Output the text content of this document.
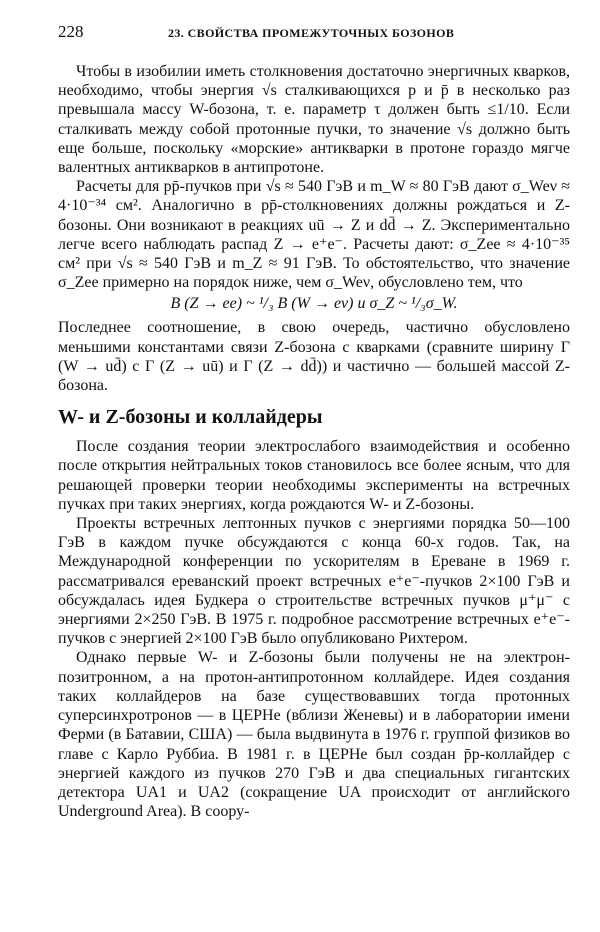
228	23. СВОЙСТВА ПРОМЕЖУТОЧНЫХ БОЗОНОВ

Чтобы в изобилии иметь столкновения достаточно энергичных кварков, необходимо, чтобы энергия √s сталкивающихся p и p̄ в несколько раз превышала массу W-бозона, т. е. параметр τ должен быть ≤1/10. Если сталкивать между собой протонные пучки, то значение √s должно быть еще больше, поскольку «морские» антикварки в протоне гораздо мягче валентных антикварков в антипротоне.

Расчеты для pp̄-пучков при √s ≈ 540 ГэВ и m_W ≈ 80 ГэВ дают σ_Weν ≈ 4·10⁻³⁴ см². Аналогично в pp̄-столкновениях должны рождаться и Z-бозоны. Они возникают в реакциях uū → Z и dd̄ → Z. Экспериментально легче всего наблюдать распад Z → e⁺e⁻. Расчеты дают: σ_Zee ≈ 4·10⁻³⁵ см² при √s ≈ 540 ГэВ и m_Z ≈ 91 ГэВ. То обстоятельство, что значение σ_Zee примерно на порядок ниже, чем σ_Weν, обусловлено тем, что

B (Z → ee) ~ ¹/₃ B (W → eν) и σ_Z ~ ¹/₃σ_W.

Последнее соотношение, в свою очередь, частично обусловлено меньшими константами связи Z-бозона с кварками (сравните ширину Γ (W → ud̄) с Γ (Z → uū) и Γ (Z → dd̄)) и частично — большей массой Z-бозона.

W- и Z-бозоны и коллайдеры

После создания теории электрослабого взаимодействия и особенно после открытия нейтральных токов становилось все более ясным, что для решающей проверки теории необходимы эксперименты на встречных пучках при таких энергиях, когда рождаются W- и Z-бозоны.

Проекты встречных лептонных пучков с энергиями порядка 50—100 ГэВ в каждом пучке обсуждаются с конца 60-х годов. Так, на Международной конференции по ускорителям в Ереване в 1969 г. рассматривался ереванский проект встречных e⁺e⁻-пучков 2×100 ГэВ и обсуждалась идея Будкера о строительстве встречных пучков μ⁺μ⁻ с энергиями 2×250 ГэВ. В 1975 г. подробное рассмотрение встречных e⁺e⁻-пучков с энергией 2×100 ГэВ было опубликовано Рихтером.

Однако первые W- и Z-бозоны были получены не на электрон-позитронном, а на протон-антипротонном коллайдере. Идея создания таких коллайдеров на базе существовавших тогда протонных суперсинхротронов — в ЦЕРНе (вблизи Женевы) и в лаборатории имени Ферми (в Батавии, США) — была выдвинута в 1976 г. группой физиков во главе с Карло Руббиа. В 1981 г. в ЦЕРНе был создан p̄p-коллайдер с энергией каждого из пучков 270 ГэВ и два специальных гигантских детектора UA1 и UA2 (сокращение UA происходит от английского Underground Area). В соору-
